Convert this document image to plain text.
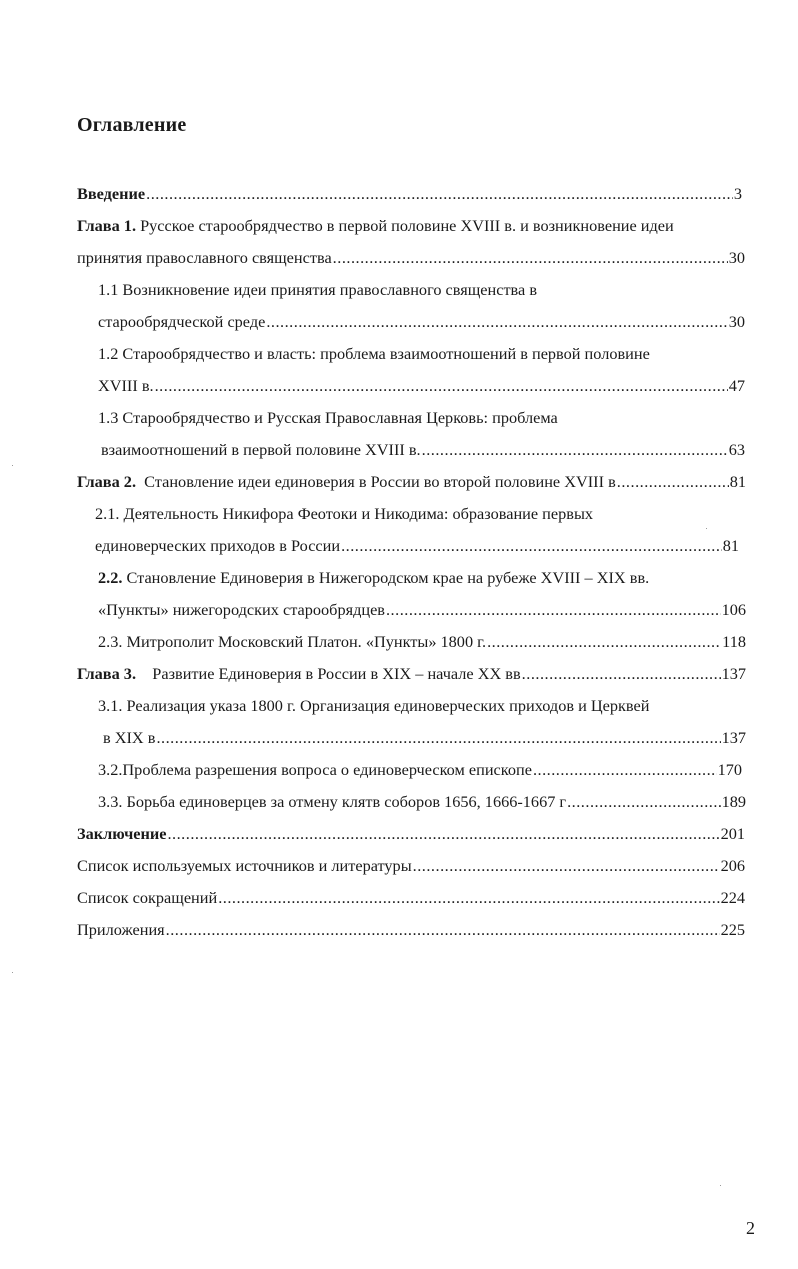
Оглавление
Введение .....	3
Глава 1. Русское старообрядчество в первой половине XVIII в. и возникновение идеи
принятия православного священства .....	30
1.1 Возникновение идеи принятия православного священства в
старообрядческой среде .....	30
1.2 Старообрядчество и власть: проблема взаимоотношений в первой половине
XVIII в. .....	47
1.3 Старообрядчество и Русская Православная Церковь: проблема
взаимоотношений в первой половине XVIII в. .....	63
Глава 2. Становление идеи единоверия в России во второй половине XVIII в .....	81
2.1. Деятельность Никифора Феотоки и Никодима: образование первых
единоверческих приходов в России .....	81
2.2. Становление Единоверия в Нижегородском крае на рубеже XVIII – XIX вв.
«Пункты» нижегородских старообрядцев .....	106
2.3. Митрополит Московский Платон. «Пункты» 1800 г. .....	118
Глава 3. Развитие Единоверия в России в XIX – начале XX вв .....	137
3.1. Реализация указа 1800 г. Организация единоверческих приходов и Церквей
в XIX в .....	137
3.2.Проблема разрешения вопроса о единоверческом епископе .....	170
3.3. Борьба единоверцев за отмену клятв соборов 1656, 1666-1667 г .....	189
Заключение .....	201
Список используемых источников и литературы .....	206
Список сокращений .....	224
Приложения .....	225
2
